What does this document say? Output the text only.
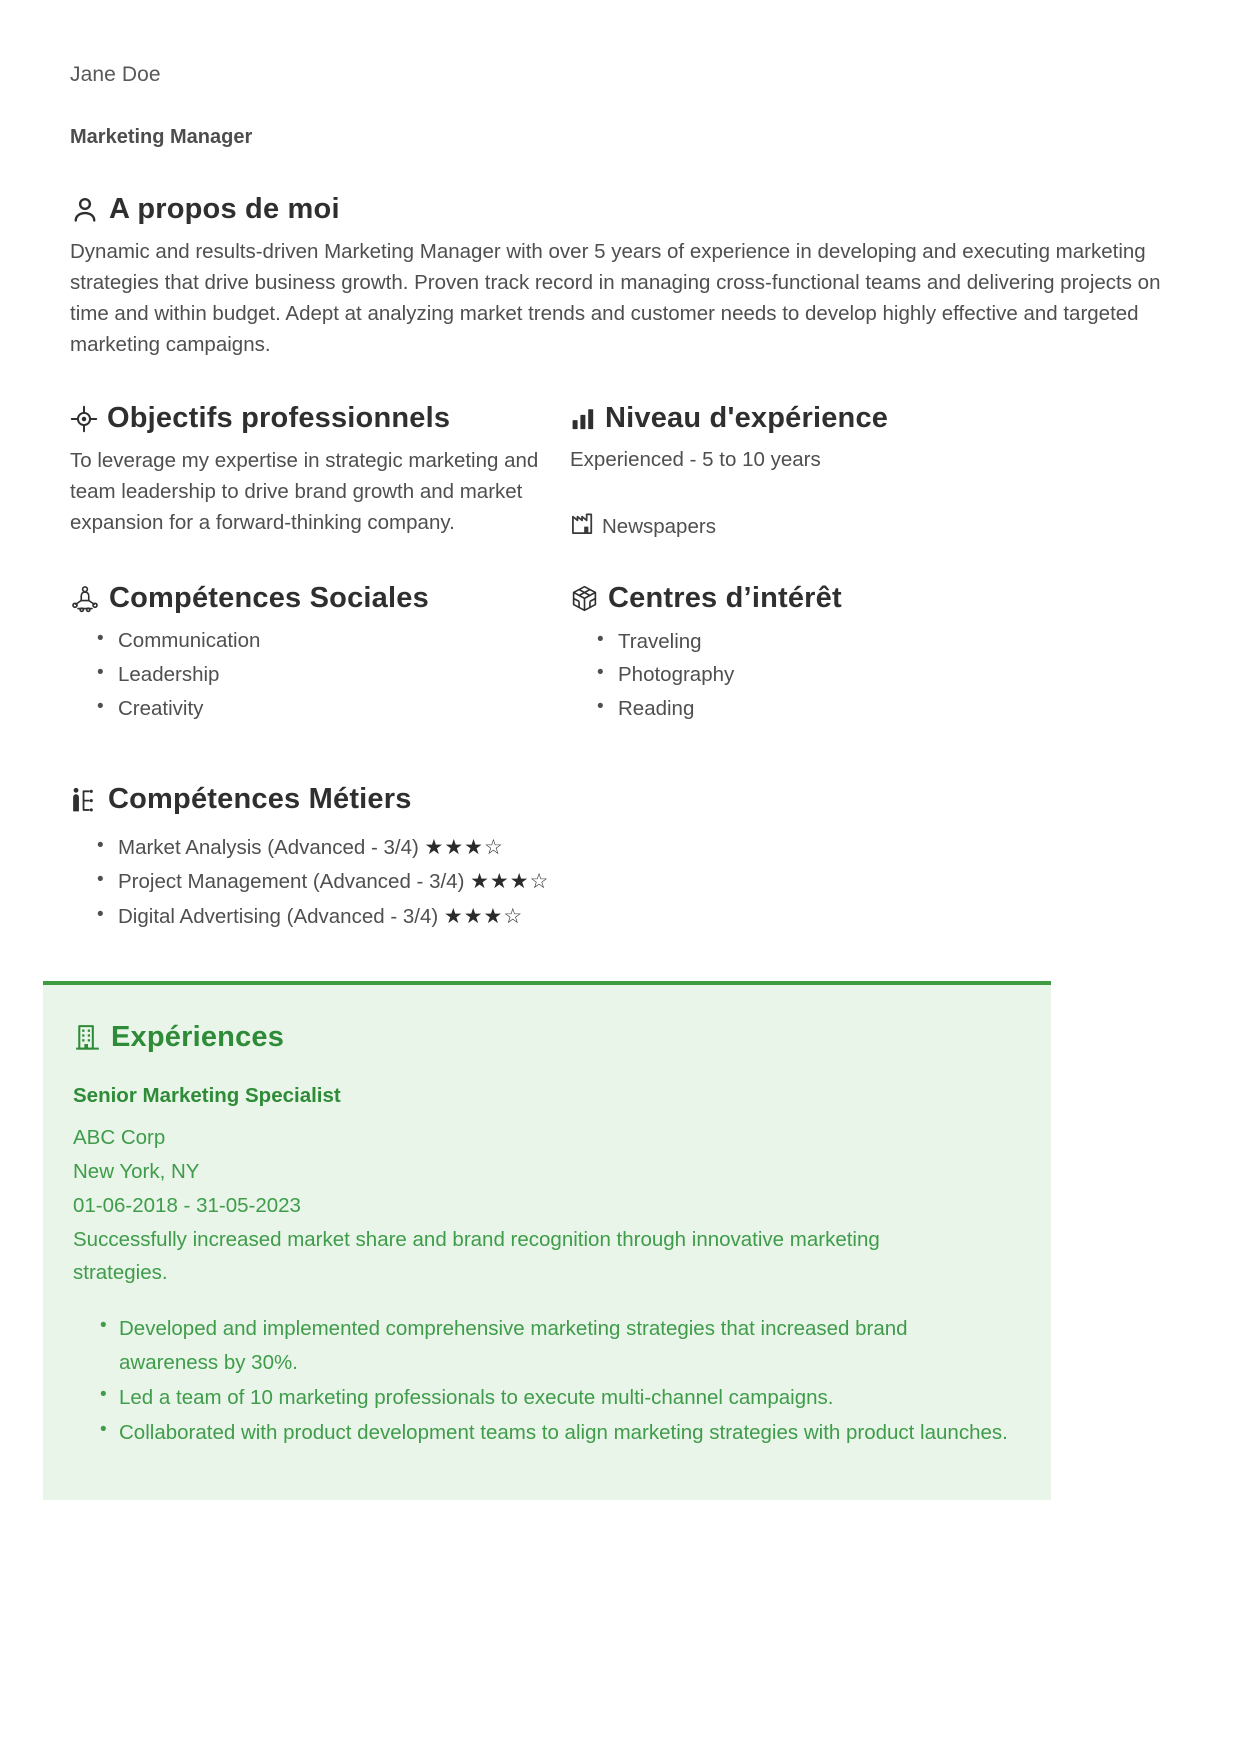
Jane Doe
Marketing Manager
A propos de moi

Dynamic and results-driven Marketing Manager with over 5 years of experience in developing and executing marketing strategies that drive business growth. Proven track record in managing cross-functional teams and delivering projects on time and within budget. Adept at analyzing market trends and customer needs to develop highly effective and targeted marketing campaigns.

Objectifs professionnels

To leverage my expertise in strategic marketing and team leadership to drive brand growth and market expansion for a forward-thinking company.

Compétences Sociales
• Communication
• Leadership
• Creativity
Niveau d'expérience

Experienced - 5 to 10 years

Newspapers
Centres d’intérêt
• Traveling
• Photography
• Reading
Compétences Métiers
• Market Analysis (Advanced - 3/4) ★★★☆
• Project Management (Advanced - 3/4) ★★★☆
• Digital Advertising (Advanced - 3/4) ★★★☆
Expériences

Senior Marketing Specialist

ABC Corp
New York, NY
01-06-2018 - 31-05-2023
Successfully increased market share and brand recognition through innovative marketing strategies.
• Developed and implemented comprehensive marketing strategies that increased brand awareness by 30%.
• Led a team of 10 marketing professionals to execute multi-channel campaigns.
• Collaborated with product development teams to align marketing strategies with product launches.
